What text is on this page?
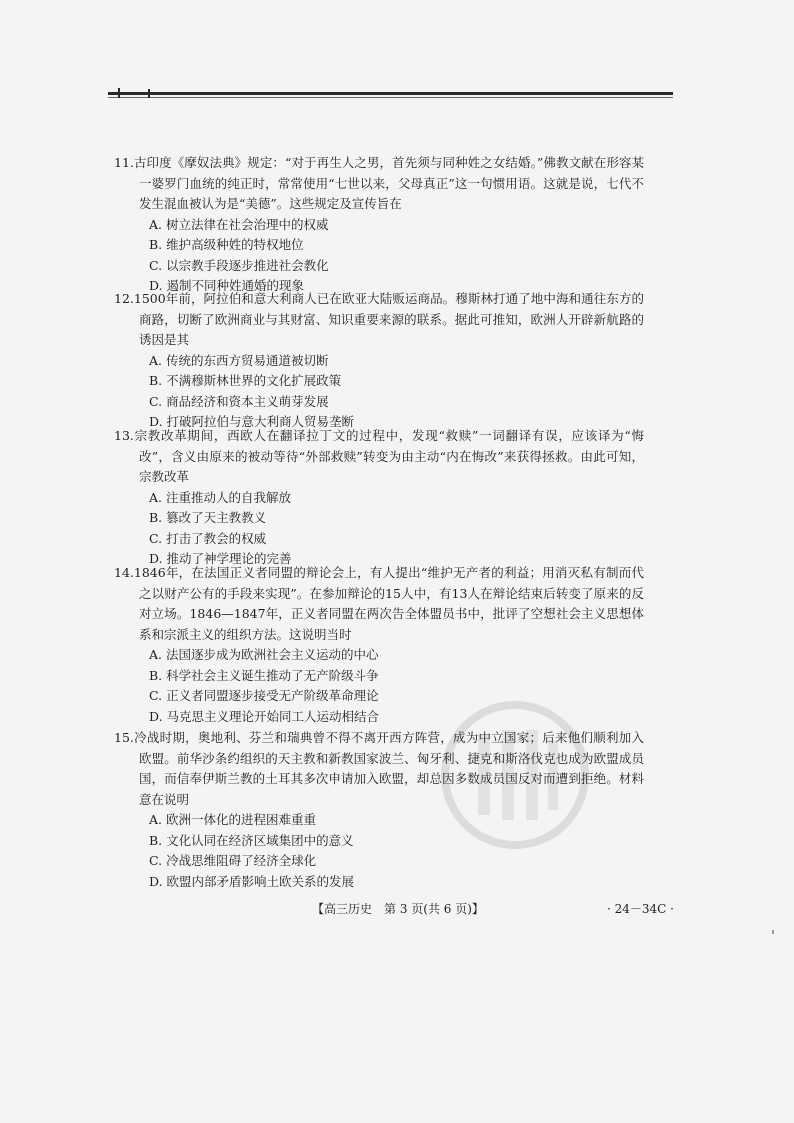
11.古印度《摩奴法典》规定：“对于再生人之男，首先须与同种姓之女结婚。”佛教文献在形容某一婆罗门血统的纯正时，常常使用“七世以来，父母真正”这一句惯用语。这就是说，七代不发生混血被认为是“美德”。这些规定及宣传旨在

A. 树立法律在社会治理中的权威

B. 维护高级种姓的特权地位

C. 以宗教手段逐步推进社会教化

D. 遏制不同种姓通婚的现象

12.1500年前，阿拉伯和意大利商人已在欧亚大陆贩运商品。穆斯林打通了地中海和通往东方的商路，切断了欧洲商业与其财富、知识重要来源的联系。据此可推知，欧洲人开辟新航路的诱因是其

A. 传统的东西方贸易通道被切断

B. 不满穆斯林世界的文化扩展政策

C. 商品经济和资本主义萌芽发展

D. 打破阿拉伯与意大利商人贸易垄断

13.宗教改革期间，西欧人在翻译拉丁文的过程中，发现“救赎”一词翻译有误，应该译为“悔改”，含义由原来的被动等待“外部救赎”转变为由主动“内在悔改”来获得拯救。由此可知，宗教改革

A. 注重推动人的自我解放

B. 篡改了天主教教义

C. 打击了教会的权威

D. 推动了神学理论的完善

14.1846年，在法国正义者同盟的辩论会上，有人提出“维护无产者的利益；用消灭私有制而代之以财产公有的手段来实现”。在参加辩论的15人中，有13人在辩论结束后转变了原来的反对立场。1846—1847年，正义者同盟在两次告全体盟员书中，批评了空想社会主义思想体系和宗派主义的组织方法。这说明当时

A. 法国逐步成为欧洲社会主义运动的中心

B. 科学社会主义诞生推动了无产阶级斗争

C. 正义者同盟逐步接受无产阶级革命理论

D. 马克思主义理论开始同工人运动相结合

15.冷战时期，奥地利、芬兰和瑞典曾不得不离开西方阵营，成为中立国家；后来他们顺利加入欧盟。前华沙条约组织的天主教和新教国家波兰、匈牙利、捷克和斯洛伐克也成为欧盟成员国，而信奉伊斯兰教的土耳其多次申请加入欧盟，却总因多数成员国反对而遭到拒绝。材料意在说明

A. 欧洲一体化的进程困难重重

B. 文化认同在经济区域集团中的意义

C. 冷战思维阻碍了经济全球化

D. 欧盟内部矛盾影响土欧关系的发展

【高三历史　第 3 页(共 6 页)】	· 24－34C ·
